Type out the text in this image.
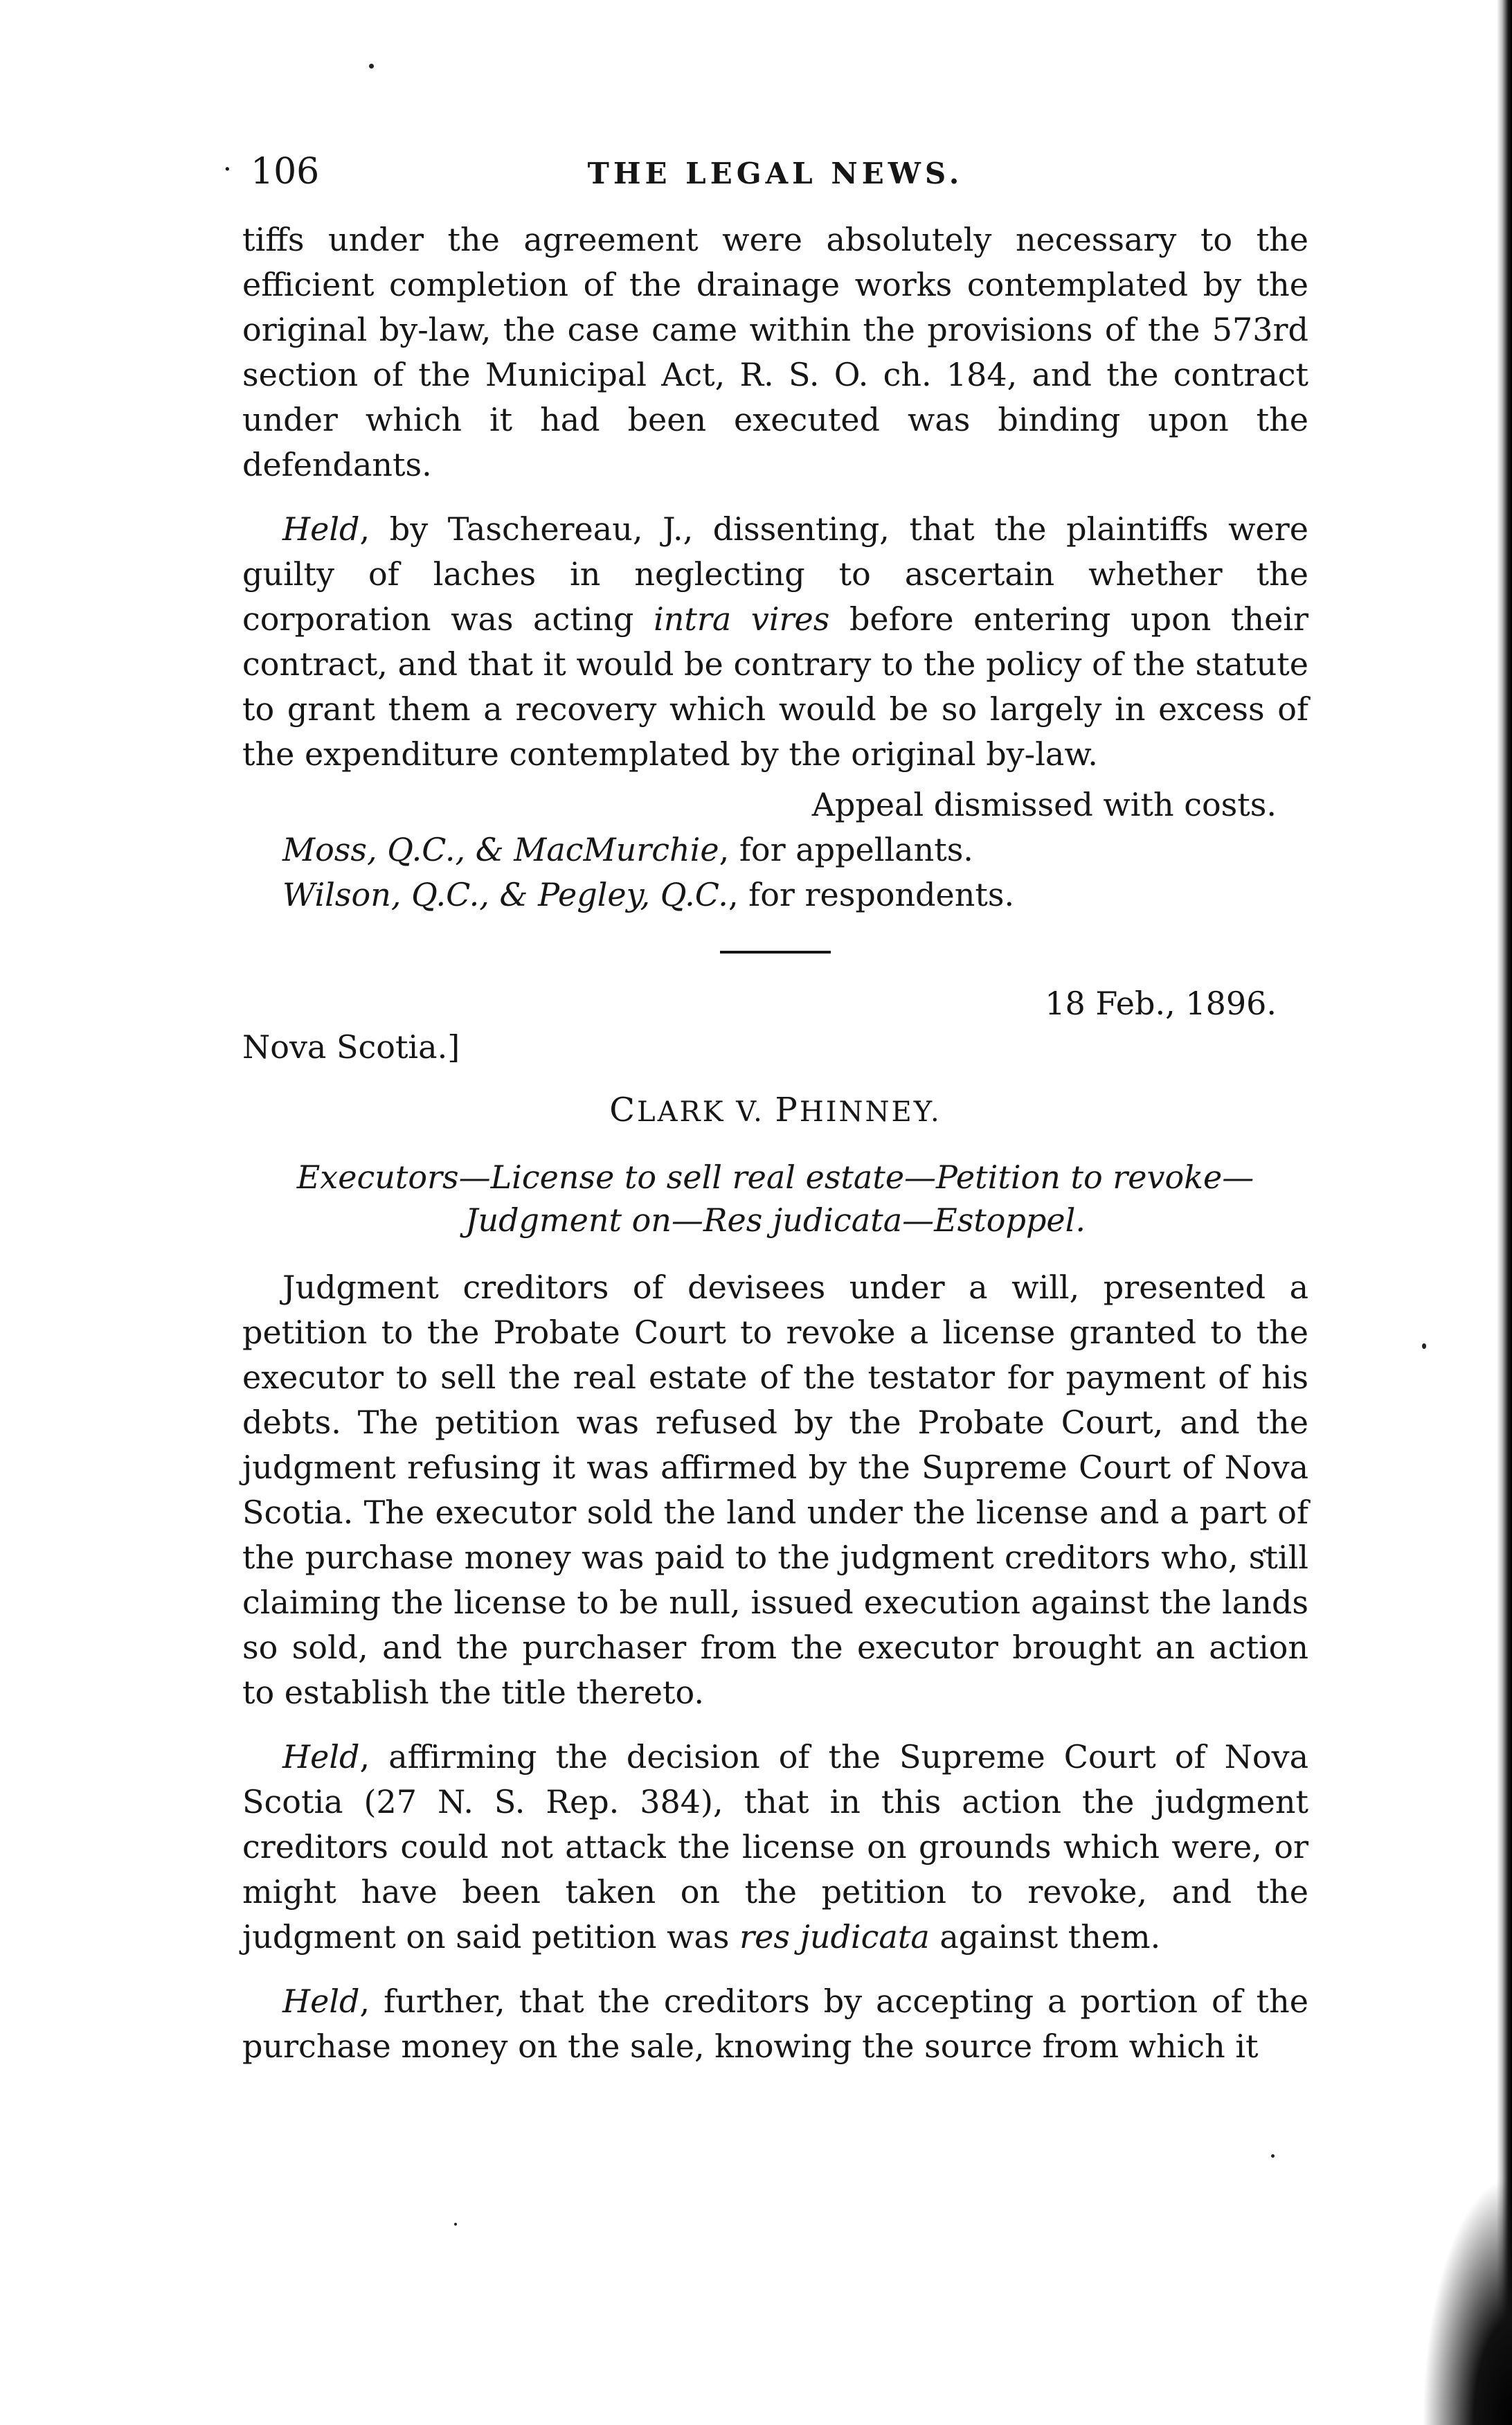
· 106	THE LEGAL NEWS.

tiffs under the agreement were absolutely necessary to the efficient completion of the drainage works contemplated by the original by-law, the case came within the provisions of the 573rd section of the Municipal Act, R. S. O. ch. 184, and the contract under which it had been executed was binding upon the defendants.

Held, by Taschereau, J., dissenting, that the plaintiffs were guilty of laches in neglecting to ascertain whether the corporation was acting intra vires before entering upon their contract, and that it would be contrary to the policy of the statute to grant them a recovery which would be so largely in excess of the expenditure contemplated by the original by-law.

Appeal dismissed with costs.

Moss, Q.C., & MacMurchie, for appellants.

Wilson, Q.C., & Pegley, Q.C., for respondents.

18 Feb., 1896.

Nova Scotia.]

CLARK V. PHINNEY.

Executors—License to sell real estate—Petition to revoke—Judgment on—Res judicata—Estoppel.

Judgment creditors of devisees under a will, presented a petition to the Probate Court to revoke a license granted to the executor to sell the real estate of the testator for payment of his debts. The petition was refused by the Probate Court, and the judgment refusing it was affirmed by the Supreme Court of Nova Scotia. The executor sold the land under the license and a part of the purchase money was paid to the judgment creditors who, still claiming the license to be null, issued execution against the lands so sold, and the purchaser from the executor brought an action to establish the title thereto.

Held, affirming the decision of the Supreme Court of Nova Scotia (27 N. S. Rep. 384), that in this action the judgment creditors could not attack the license on grounds which were, or might have been taken on the petition to revoke, and the judgment on said petition was res judicata against them.

Held, further, that the creditors by accepting a portion of the purchase money on the sale, knowing the source from which it
